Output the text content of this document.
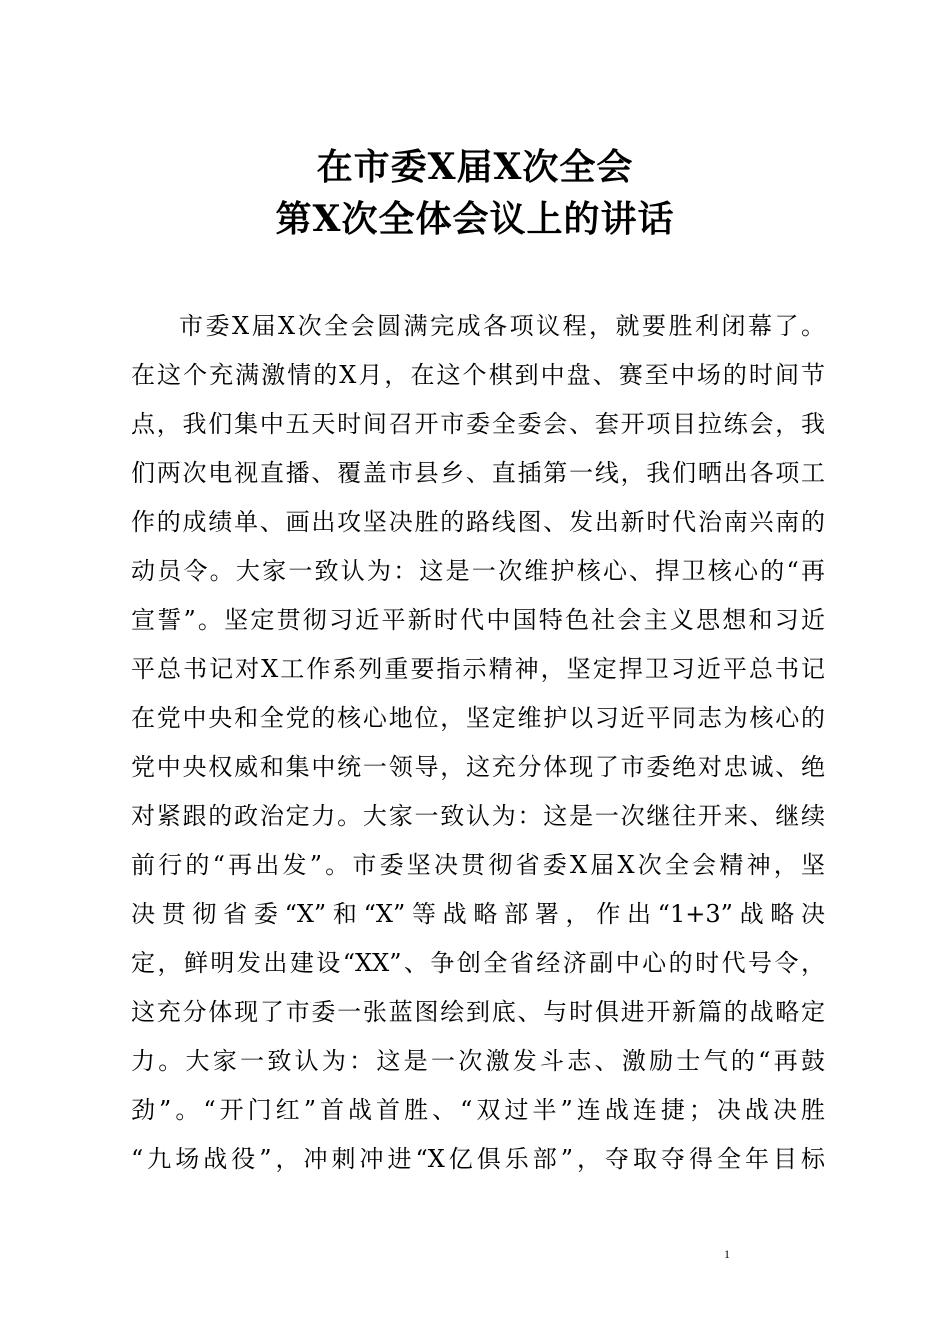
在市委X届X次全会
第X次全体会议上的讲话
市委X届X次全会圆满完成各项议程，就要胜利闭幕了。
在这个充满激情的X月，在这个棋到中盘、赛至中场的时间节
点，我们集中五天时间召开市委全委会、套开项目拉练会，我
们两次电视直播、覆盖市县乡、直插第一线，我们晒出各项工
作的成绩单、画出攻坚决胜的路线图、发出新时代治南兴南的
动员令。大家一致认为：这是一次维护核心、捍卫核心的“再
宣誓”。坚定贯彻习近平新时代中国特色社会主义思想和习近
平总书记对X工作系列重要指示精神，坚定捍卫习近平总书记
在党中央和全党的核心地位，坚定维护以习近平同志为核心的
党中央权威和集中统一领导，这充分体现了市委绝对忠诚、绝
对紧跟的政治定力。大家一致认为：这是一次继往开来、继续
前行的“再出发”。市委坚决贯彻省委X届X次全会精神，坚
决贯彻省委“X”和“X”等战略部署，作出“1+3”战略决
定，鲜明发出建设“XX”、争创全省经济副中心的时代号令，
这充分体现了市委一张蓝图绘到底、与时俱进开新篇的战略定
力。大家一致认为：这是一次激发斗志、激励士气的“再鼓
劲”。“开门红”首战首胜、“双过半”连战连捷；决战决胜
“九场战役”，冲刺冲进“X亿俱乐部”，夺取夺得全年目标
1
